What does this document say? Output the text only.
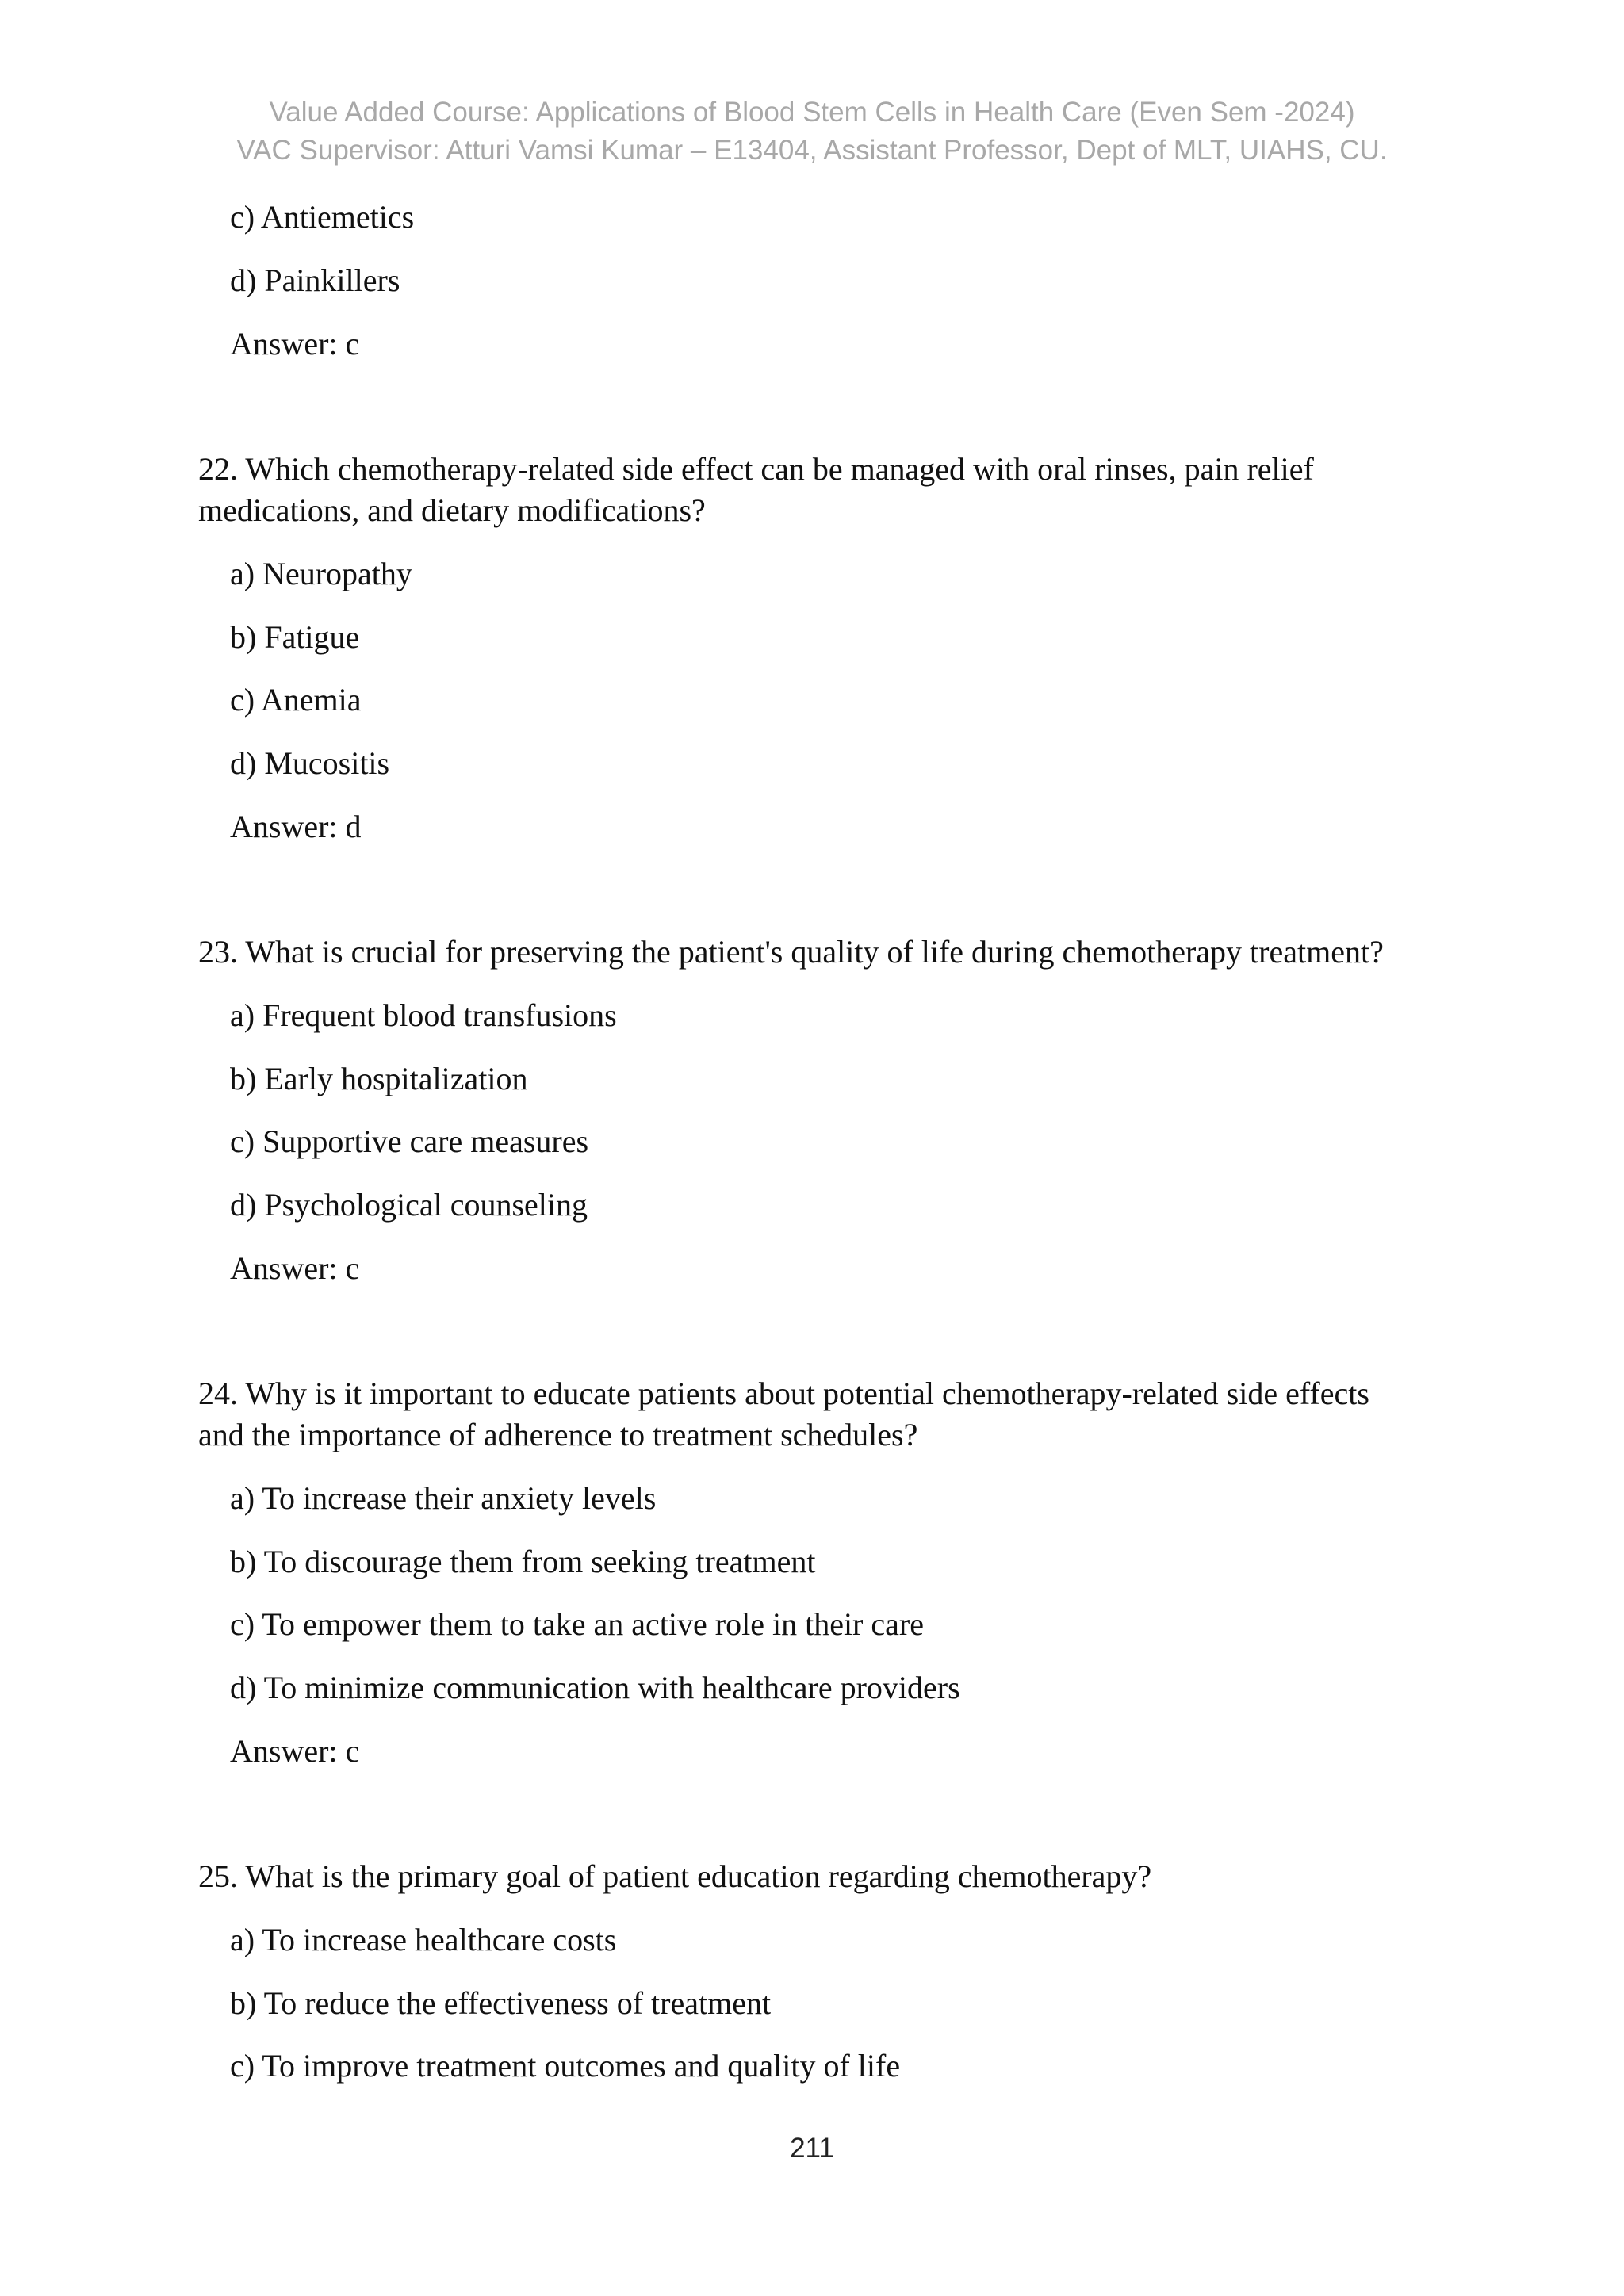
Value Added Course: Applications of Blood Stem Cells in Health Care (Even Sem -2024)
VAC Supervisor: Atturi Vamsi Kumar – E13404, Assistant Professor, Dept of MLT, UIAHS, CU.
c) Antiemetics
d) Painkillers
Answer: c
22. Which chemotherapy-related side effect can be managed with oral rinses, pain relief
medications, and dietary modifications?
a) Neuropathy
b) Fatigue
c) Anemia
d) Mucositis
Answer: d
23. What is crucial for preserving the patient's quality of life during chemotherapy treatment?
a) Frequent blood transfusions
b) Early hospitalization
c) Supportive care measures
d) Psychological counseling
Answer: c
24. Why is it important to educate patients about potential chemotherapy-related side effects
and the importance of adherence to treatment schedules?
a) To increase their anxiety levels
b) To discourage them from seeking treatment
c) To empower them to take an active role in their care
d) To minimize communication with healthcare providers
Answer: c
25. What is the primary goal of patient education regarding chemotherapy?
a) To increase healthcare costs
b) To reduce the effectiveness of treatment
c) To improve treatment outcomes and quality of life
211
